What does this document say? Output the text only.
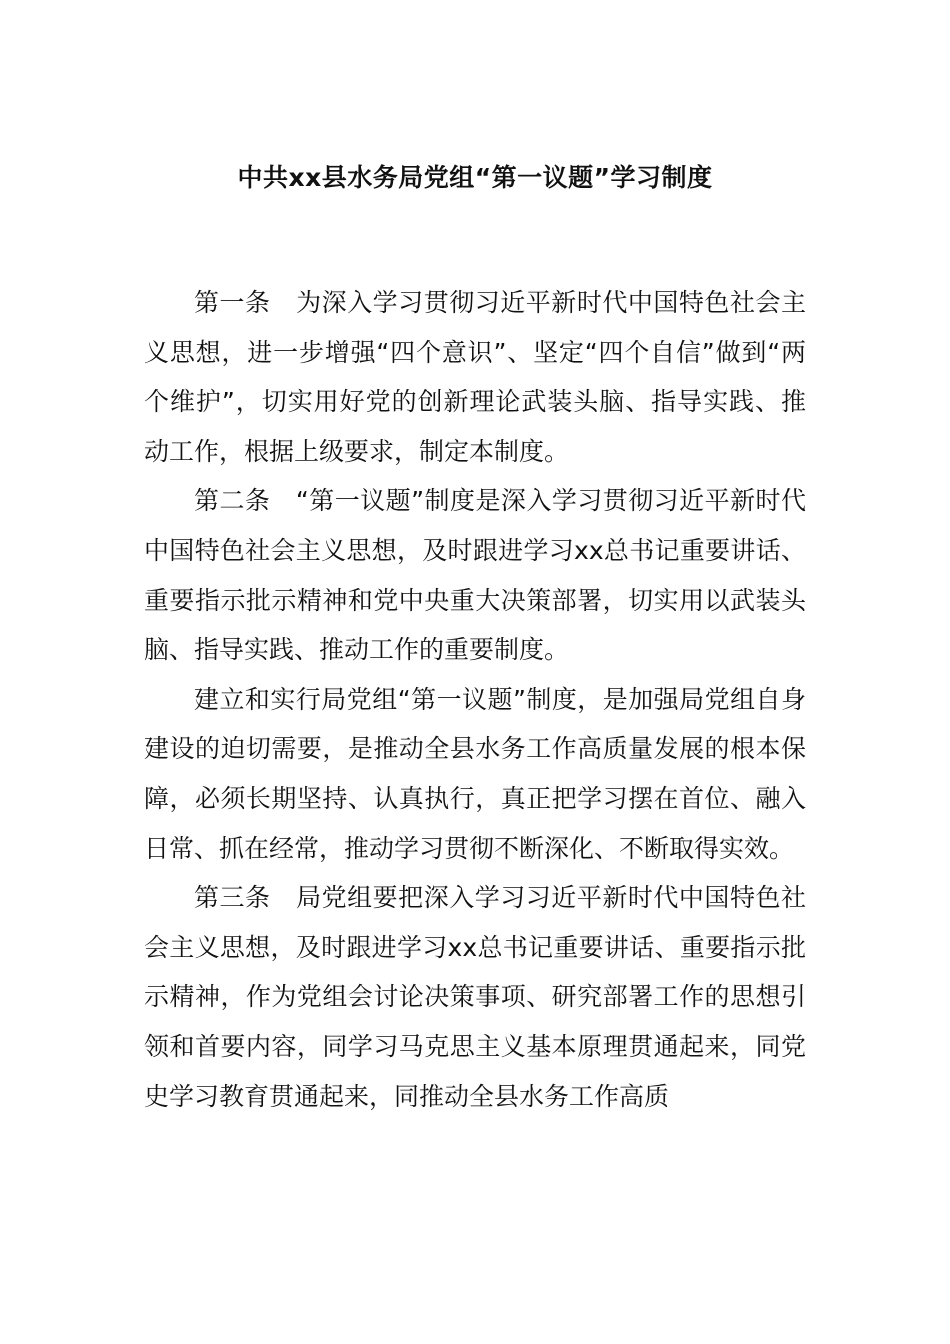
中共xx县水务局党组“第一议题”学习制度

第一条　为深入学习贯彻习近平新时代中国特色社会主义思想，进一步增强“四个意识”、坚定“四个自信”做到“两个维护”，切实用好党的创新理论武装头脑、指导实践、推动工作，根据上级要求，制定本制度。

第二条　“第一议题”制度是深入学习贯彻习近平新时代中国特色社会主义思想，及时跟进学习xx总书记重要讲话、重要指示批示精神和党中央重大决策部署，切实用以武装头脑、指导实践、推动工作的重要制度。

建立和实行局党组“第一议题”制度，是加强局党组自身建设的迫切需要，是推动全县水务工作高质量发展的根本保障，必须长期坚持、认真执行，真正把学习摆在首位、融入日常、抓在经常，推动学习贯彻不断深化、不断取得实效。

第三条　局党组要把深入学习习近平新时代中国特色社会主义思想，及时跟进学习xx总书记重要讲话、重要指示批示精神，作为党组会讨论决策事项、研究部署工作的思想引领和首要内容，同学习马克思主义基本原理贯通起来，同党史学习教育贯通起来，同推动全县水务工作高质
